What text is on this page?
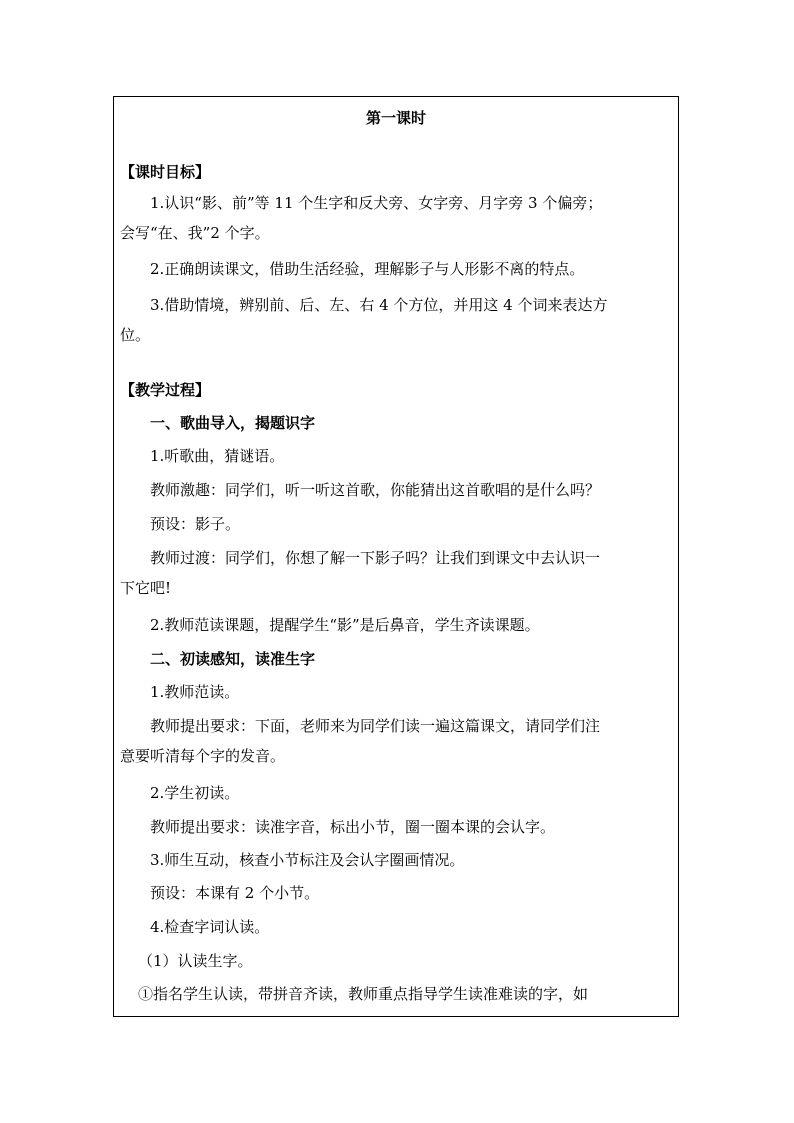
第一课时
【课时目标】
1.认识“影、前”等 11 个生字和反犬旁、女字旁、月字旁 3 个偏旁；
会写“在、我”2 个字。
2.正确朗读课文，借助生活经验，理解影子与人形影不离的特点。
3.借助情境，辨别前、后、左、右 4 个方位，并用这 4 个词来表达方
位。
【教学过程】
一、歌曲导入，揭题识字
1.听歌曲，猜谜语。
教师激趣：同学们，听一听这首歌，你能猜出这首歌唱的是什么吗？
预设：影子。
教师过渡：同学们，你想了解一下影子吗？让我们到课文中去认识一
下它吧!
2.教师范读课题，提醒学生“影”是后鼻音，学生齐读课题。
二、初读感知，读准生字
1.教师范读。
教师提出要求：下面，老师来为同学们读一遍这篇课文，请同学们注
意要听清每个字的发音。
2.学生初读。
教师提出要求：读准字音，标出小节，圈一圈本课的会认字。
3.师生互动，核查小节标注及会认字圈画情况。
预设：本课有 2 个小节。
4.检查字词认读。
（1）认读生字。
①指名学生认读，带拼音齐读，教师重点指导学生读准难读的字，如
